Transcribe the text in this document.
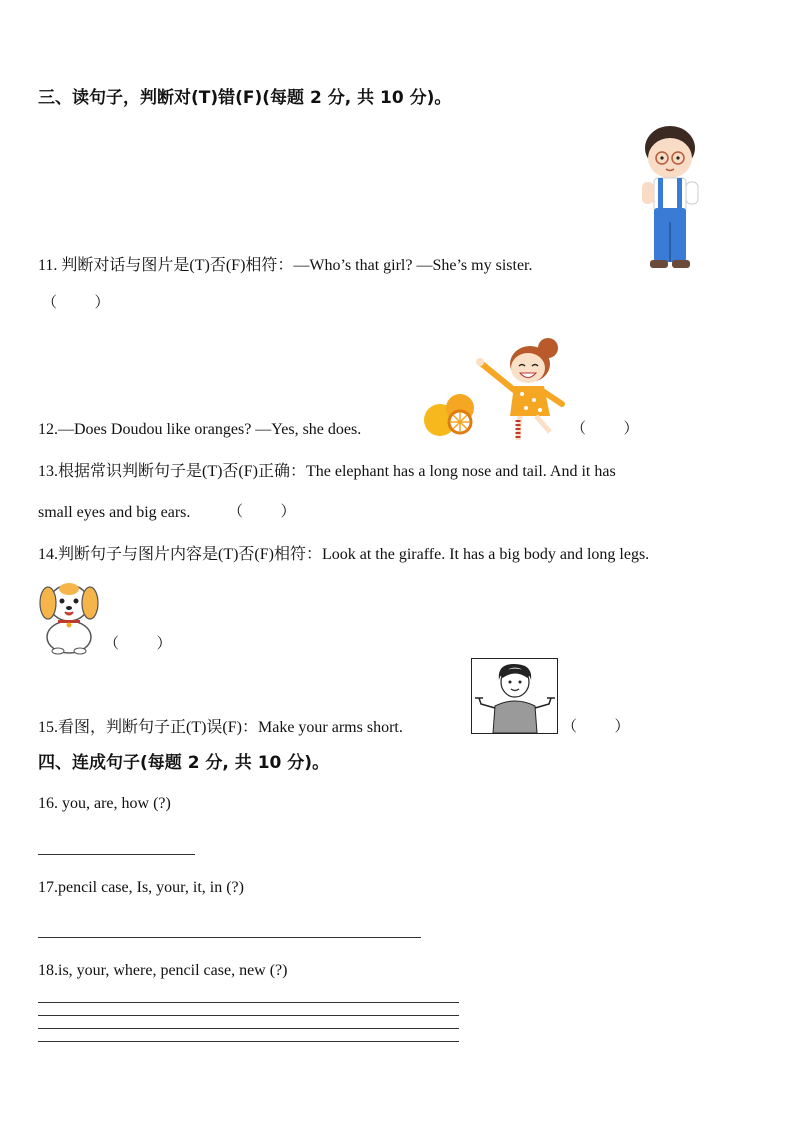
三、读句子，判断对(T)错(F)(每题 2 分, 共 10 分)。
11. 判断对话与图片是(T)否(F)相符：—Who’s that girl? —She’s my sister.
（          ）
12.—Does Doudou like oranges? —Yes, she does.	（          ）
13.根据常识判断句子是(T)否(F)正确：The elephant has a long nose and tail. And it has
small eyes and big ears.	（          ）
14.判断句子与图片内容是(T)否(F)相符：Look at the giraffe. It has a big body and long legs.
（          ）
15.看图，判断句子正(T)误(F)：Make your arms short.	（          ）
四、连成句子(每题 2 分, 共 10 分)。
16. you, are, how (?)
17.pencil case, Is, your, it, in (?)
18.is, your, where, pencil case, new (?)
